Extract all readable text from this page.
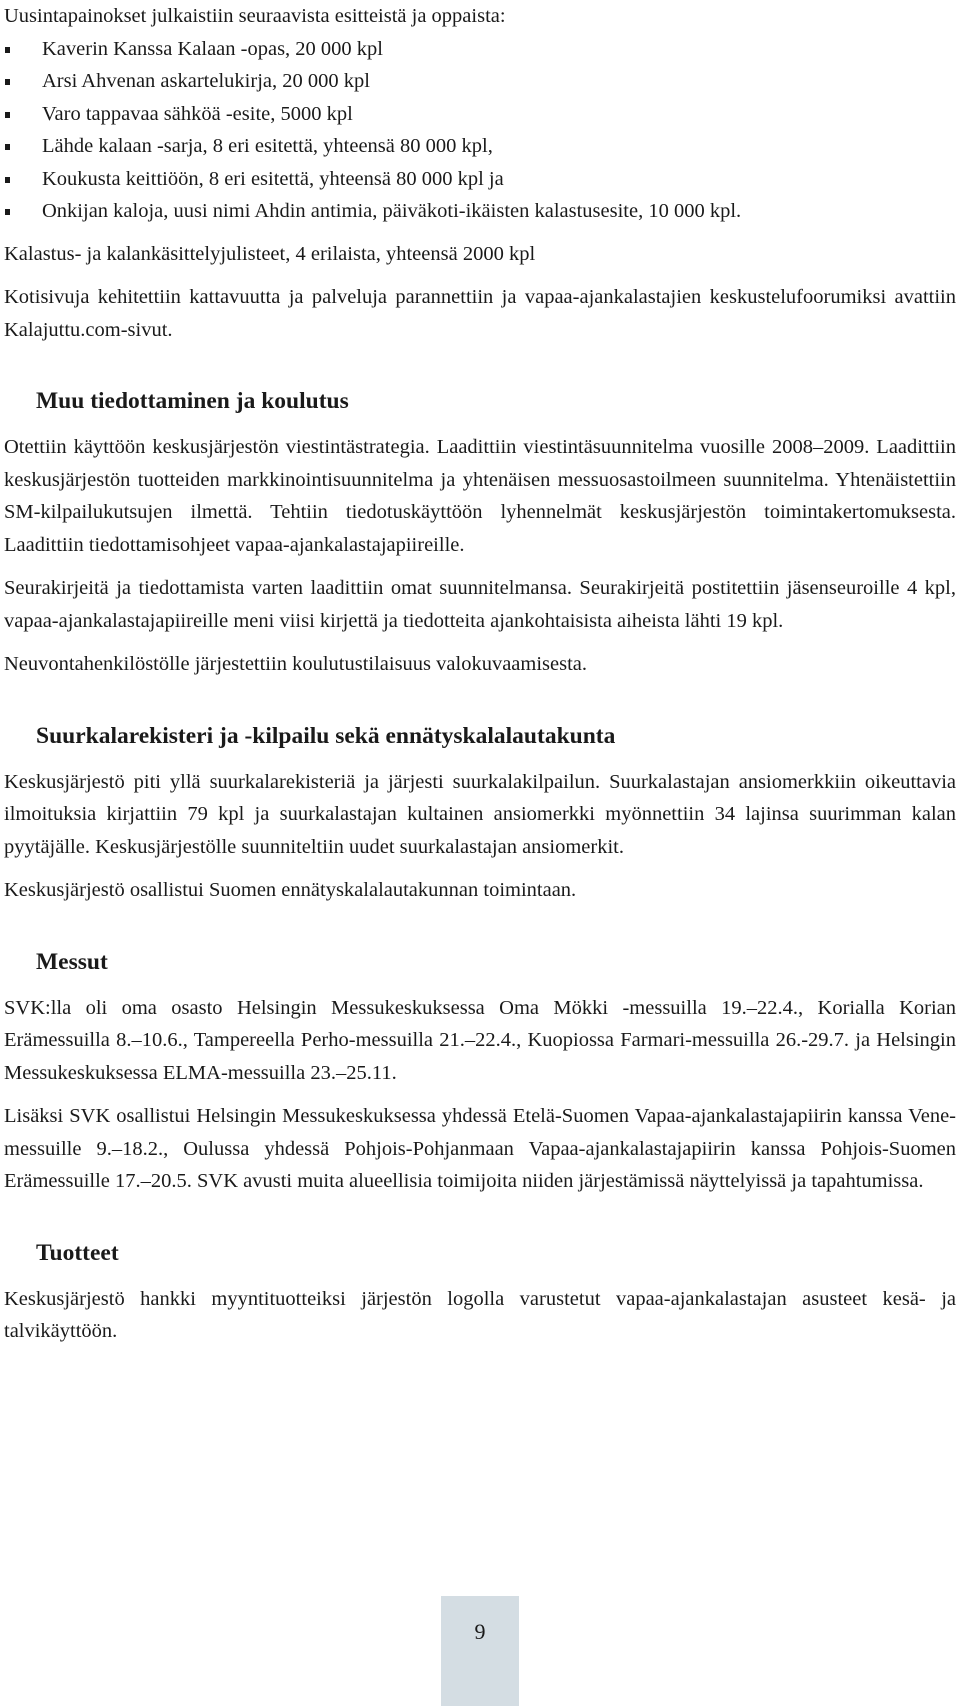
Uusintapainokset julkaistiin seuraavista esitteistä ja oppaista:

Kaverin Kanssa Kalaan -opas, 20 000 kpl
Arsi Ahvenan askartelukirja, 20 000 kpl
Varo tappavaa sähköä -esite, 5000 kpl
Lähde kalaan -sarja, 8 eri esitettä, yhteensä 80 000 kpl,
Koukusta keittiöön, 8 eri esitettä, yhteensä 80 000 kpl ja
Onkijan kaloja, uusi nimi Ahdin antimia, päiväkoti-ikäisten kalastusesite, 10 000 kpl.

Kalastus- ja kalankäsittelyjulisteet, 4 erilaista, yhteensä 2000 kpl

Kotisivuja kehitettiin kattavuutta ja palveluja parannettiin ja vapaa-ajankalastajien keskustelufoorumiksi avattiin Kalajuttu.com-sivut.

Muu tiedottaminen ja koulutus

Otettiin käyttöön keskusjärjestön viestintästrategia. Laadittiin viestintäsuunnitelma vuosille 2008–2009. Laadittiin keskusjärjestön tuotteiden markkinointisuunnitelma ja yhtenäisen messuosastoilmeen suunnitelma. Yhtenäistettiin SM-kilpailukutsujen ilmettä. Tehtiin tiedotuskäyttöön lyhennelmät keskusjärjestön toimintakertomuksesta. Laadittiin tiedottamisohjeet vapaa-ajankalastajapiireille.

Seurakirjeitä ja tiedottamista varten laadittiin omat suunnitelmansa. Seurakirjeitä postitettiin jäsenseuroille 4 kpl, vapaa-ajankalastajapiireille meni viisi kirjettä ja tiedotteita ajankohtaisista aiheista lähti 19 kpl.

Neuvontahenkilöstölle järjestettiin koulutustilaisuus valokuvaamisesta.

Suurkalarekisteri ja -kilpailu sekä ennätyskalalautakunta

Keskusjärjestö piti yllä suurkalarekisteriä ja järjesti suurkalakilpailun. Suurkalastajan ansiomerkkiin oikeuttavia ilmoituksia kirjattiin 79 kpl ja suurkalastajan kultainen ansiomerkki myönnettiin 34 lajinsa suurimman kalan pyytäjälle. Keskusjärjestölle suunniteltiin uudet suurkalastajan ansiomerkit.

Keskusjärjestö osallistui Suomen ennätyskalalautakunnan toimintaan.

Messut

SVK:lla oli oma osasto Helsingin Messukeskuksessa Oma Mökki -messuilla 19.–22.4., Korialla Korian Erämessuilla 8.–10.6., Tampereella Perho-messuilla 21.–22.4., Kuopiossa Farmari-messuilla 26.-29.7. ja Helsingin Messukeskuksessa ELMA-messuilla 23.–25.11.

Lisäksi SVK osallistui Helsingin Messukeskuksessa yhdessä Etelä-Suomen Vapaa-ajankalastajapiirin kanssa Vene-messuille 9.–18.2., Oulussa yhdessä Pohjois-Pohjanmaan Vapaa-ajankalastajapiirin kanssa Pohjois-Suomen Erämessuille 17.–20.5. SVK avusti muita alueellisia toimijoita niiden järjestämissä näyttelyissä ja tapahtumissa.

Tuotteet

Keskusjärjestö hankki myyntituotteiksi järjestön logolla varustetut vapaa-ajankalastajan asusteet kesä- ja talvikäyttöön.

9
